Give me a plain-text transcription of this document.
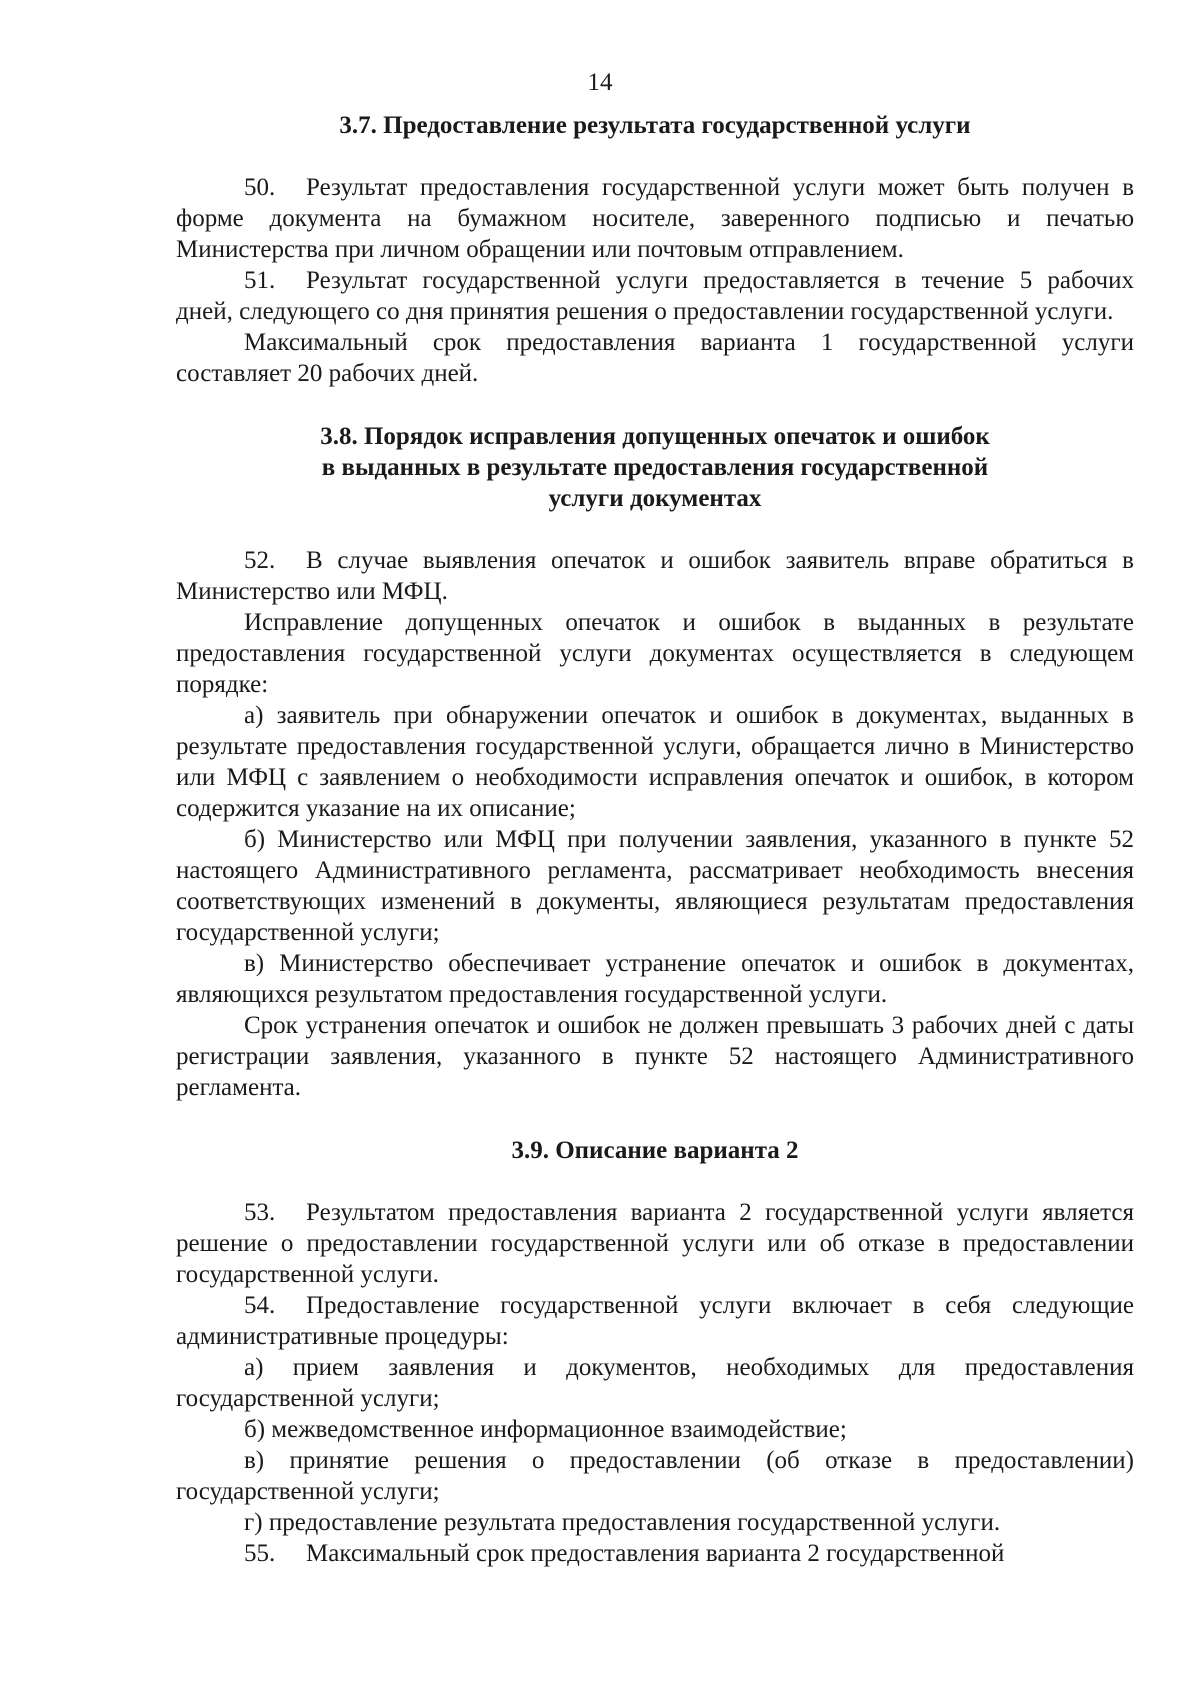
14
3.7. Предоставление результата государственной услуги

50. Результат предоставления государственной услуги может быть получен в форме документа на бумажном носителе, заверенного подписью и печатью Министерства при личном обращении или почтовым отправлением.

51. Результат государственной услуги предоставляется в течение 5 рабочих дней, следующего со дня принятия решения о предоставлении государственной услуги.

Максимальный срок предоставления варианта 1 государственной услуги составляет 20 рабочих дней.

3.8. Порядок исправления допущенных опечаток и ошибок
в выданных в результате предоставления государственной
услуги документах

52. В случае выявления опечаток и ошибок заявитель вправе обратиться в Министерство или МФЦ.

Исправление допущенных опечаток и ошибок в выданных в результате предоставления государственной услуги документах осуществляется в следующем порядке:

а) заявитель при обнаружении опечаток и ошибок в документах, выданных в результате предоставления государственной услуги, обращается лично в Министерство или МФЦ с заявлением о необходимости исправления опечаток и ошибок, в котором содержится указание на их описание;

б) Министерство или МФЦ при получении заявления, указанного в пункте 52 настоящего Административного регламента, рассматривает необходимость внесения соответствующих изменений в документы, являющиеся результатам предоставления государственной услуги;

в) Министерство обеспечивает устранение опечаток и ошибок в документах, являющихся результатом предоставления государственной услуги.

Срок устранения опечаток и ошибок не должен превышать 3 рабочих дней с даты регистрации заявления, указанного в пункте 52 настоящего Административного регламента.

3.9. Описание варианта 2

53. Результатом предоставления варианта 2 государственной услуги является решение о предоставлении государственной услуги или об отказе в предоставлении государственной услуги.

54. Предоставление государственной услуги включает в себя следующие административные процедуры:

а) прием заявления и документов, необходимых для предоставления государственной услуги;

б) межведомственное информационное взаимодействие;

в) принятие решения о предоставлении (об отказе в предоставлении) государственной услуги;

г) предоставление результата предоставления государственной услуги.

55. Максимальный срок предоставления варианта 2 государственной
